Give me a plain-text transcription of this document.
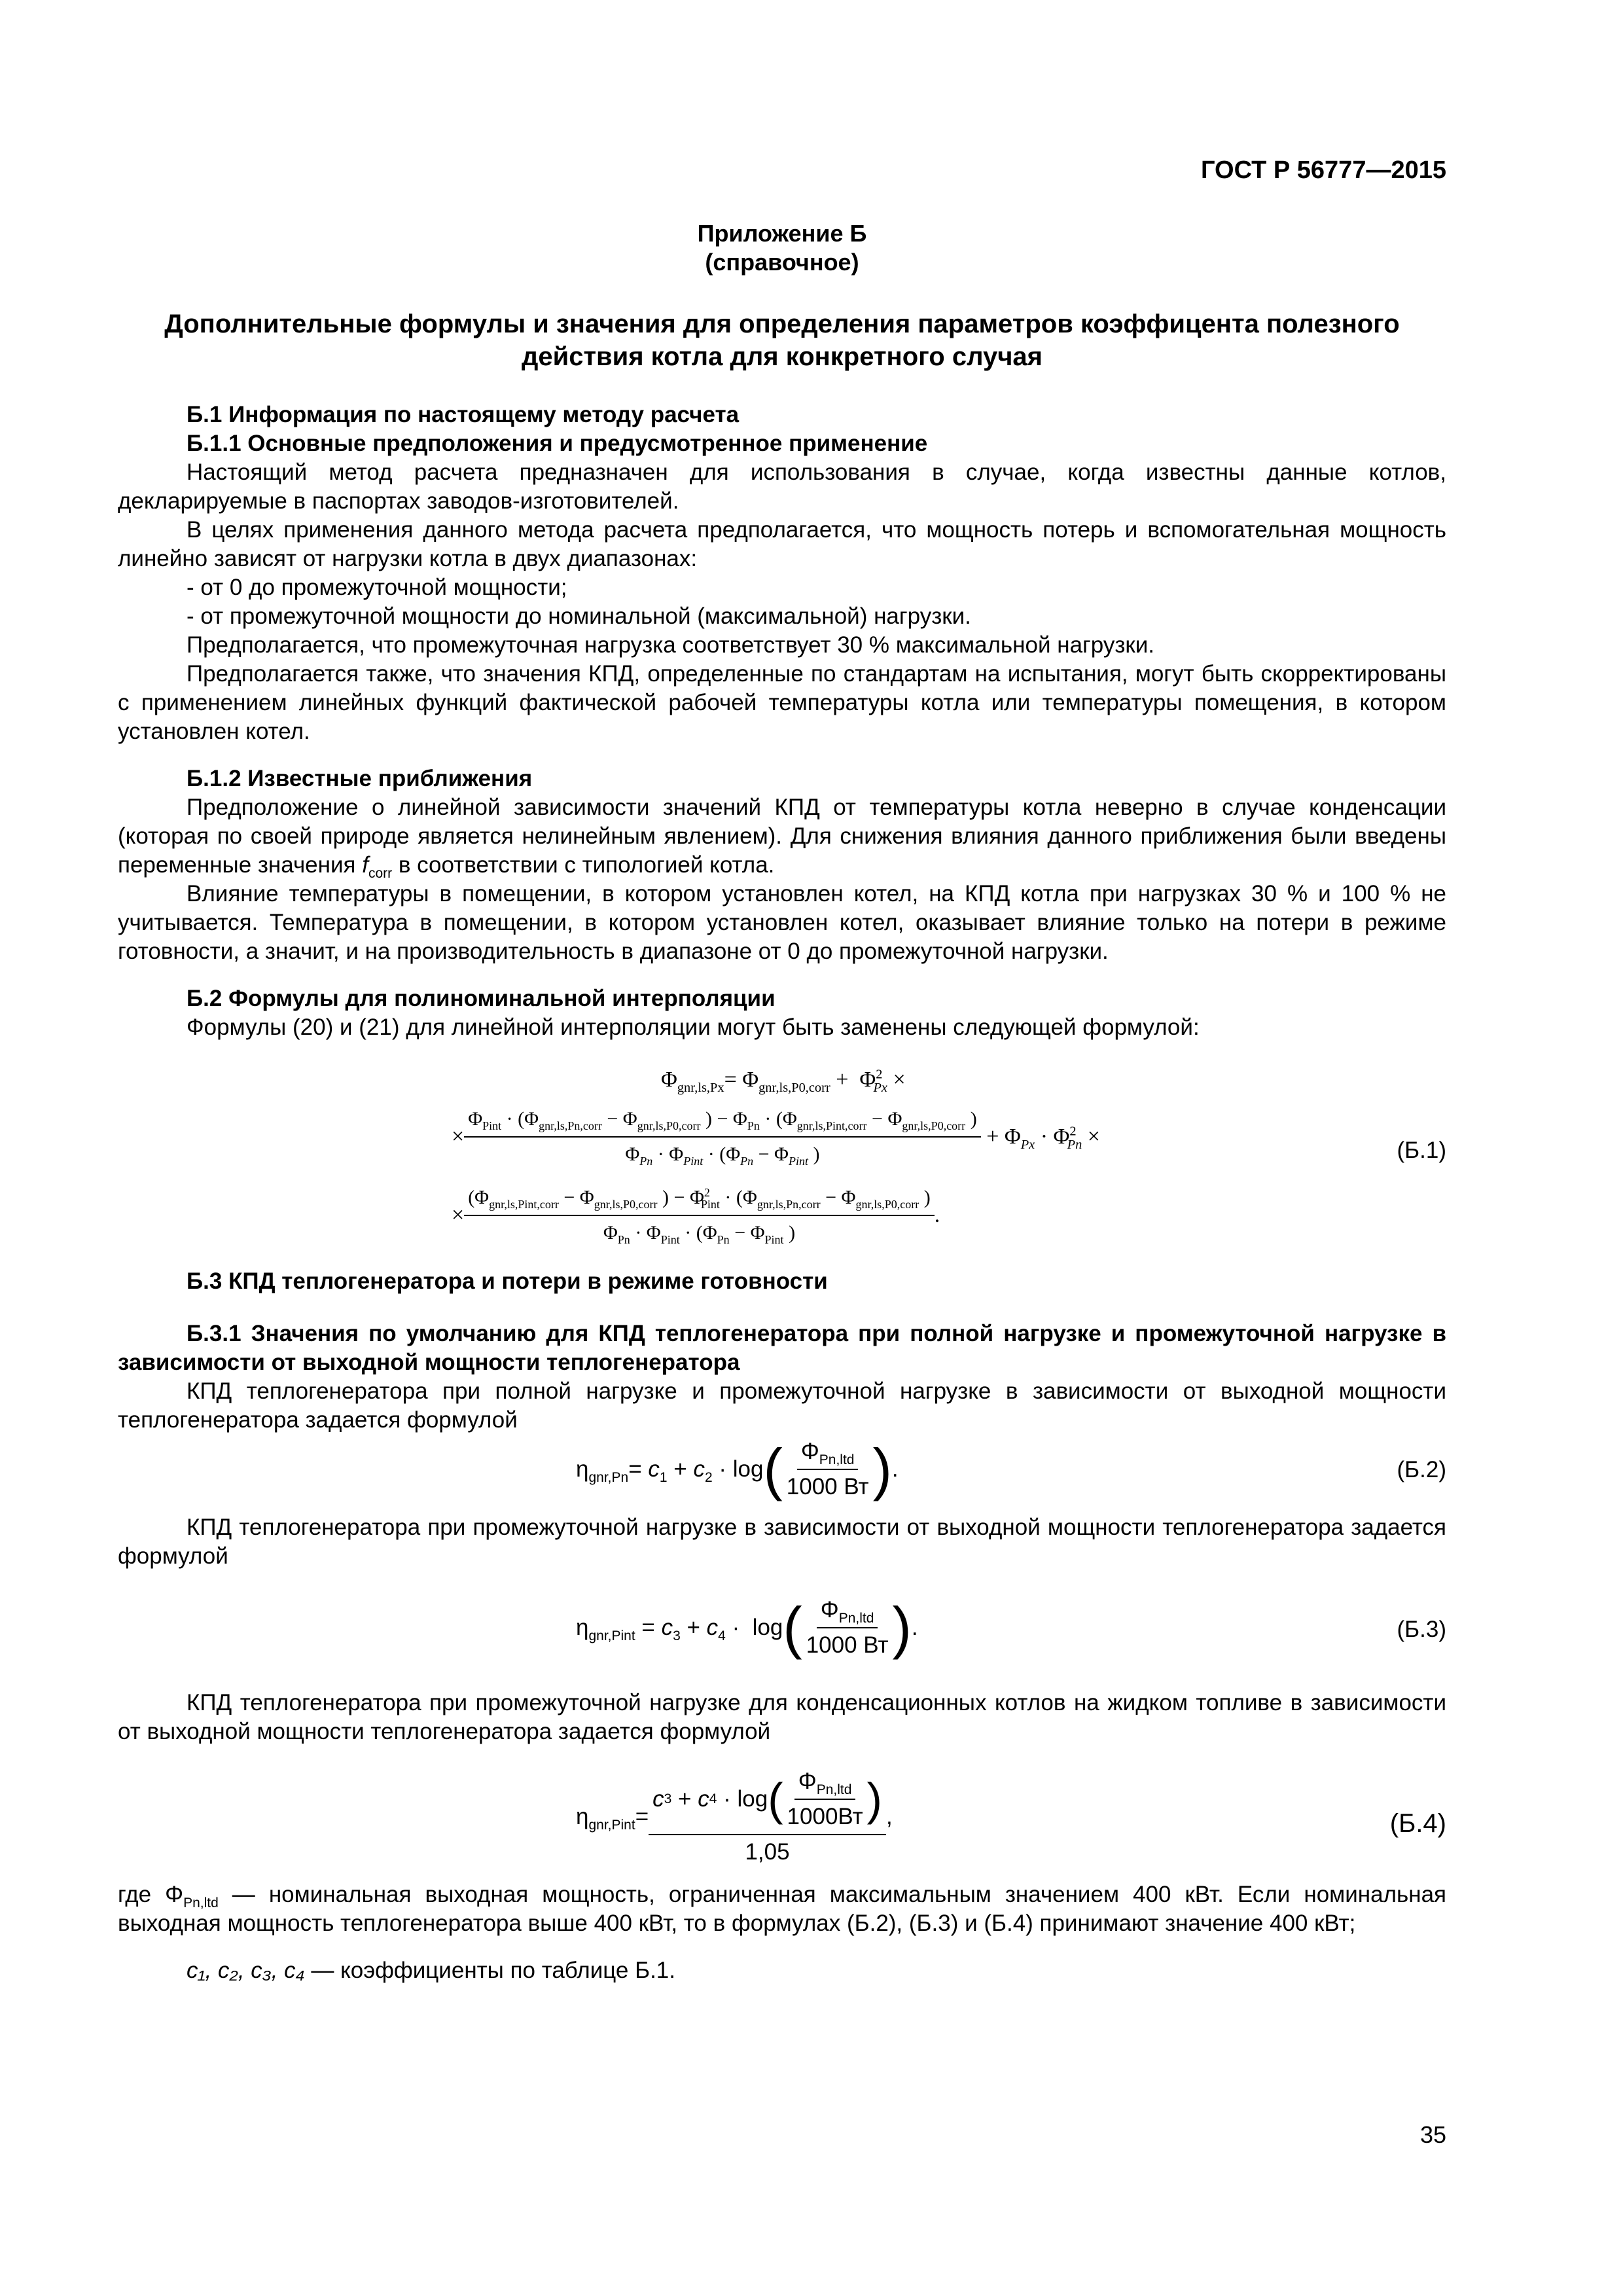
ГОСТ Р 56777—2015
Приложение Б
(справочное)
Дополнительные формулы и значения для определения параметров коэффицента полезного действия котла для конкретного случая

Б.1 Информация по настоящему методу расчета

Б.1.1 Основные предположения и предусмотренное применение

Настоящий метод расчета предназначен для использования в случае, когда известны данные котлов, декларируемые в паспортах заводов-изготовителей.

В целях применения данного метода расчета предполагается, что мощность потерь и вспомогательная мощность линейно зависят от нагрузки котла в двух диапазонах:

- от 0 до промежуточной мощности;

- от промежуточной мощности до номинальной (максимальной) нагрузки.

Предполагается, что промежуточная нагрузка соответствует 30 % максимальной нагрузки.

Предполагается также, что значения КПД, определенные по стандартам на испытания, могут быть скорректированы с применением линейных функций фактической рабочей температуры котла или температуры помещения, в котором установлен котел.

Б.1.2 Известные приближения

Предположение о линейной зависимости значений КПД от температуры котла неверно в случае конденсации (которая по своей природе является нелинейным явлением). Для снижения влияния данного приближения были введены переменные значения $f_{corr}$ в соответствии с типологией котла.

Влияние температуры в помещении, в котором установлен котел, на КПД котла при нагрузках 30 % и 100 % не учитывается. Температура в помещении, в котором установлен котел, оказывает влияние только на потери в режиме готовности, а значит, и на производительность в диапазоне от 0 до промежуточной нагрузки.

Б.2 Формулы для полиноминальной интерполяции

Формулы (20) и (21) для линейной интерполяции могут быть заменены следующей формулой:

$\Phi_{gnr,ls,Px}= \Phi_{gnr,ls,P0,corr} + \Phi^2_{Px}$ ×
×
$\Phi_{Pint} \cdot (\Phi_{gnr,ls,Pn,corr} - \Phi_{gnr,ls,P0,corr}$ ) − $\Phi_{Pn} \cdot (\Phi_{gnr,ls,Pint,corr} - \Phi_{gnr,ls,P0,corr}$ )
$\Phi_{Pn} \cdot \Phi_{Pint} \cdot (\Phi_{Pn} - \Phi_{Pint}$ )
+ $\Phi_{Px} \cdot \Phi^2_{Pn}$ ×
×
($\Phi_{gnr,ls,Pint,corr} - \Phi_{gnr,ls,P0,corr}$ ) − $\Phi^2_{Pint} \cdot (\Phi_{gnr,ls,Pn,corr} - \Phi_{gnr,ls,P0,corr}$ )
$\Phi_{Pn} \cdot \Phi_{Pint} \cdot (\Phi_{Pn} - \Phi_{Pint}$ )
.
(Б.1)

Б.3 КПД теплогенератора и потери в режиме готовности

Б.3.1 Значения по умолчанию для КПД теплогенератора при полной нагрузке и промежуточной нагрузке в зависимости от выходной мощности теплогенератора

КПД теплогенератора при полной нагрузке и промежуточной нагрузке в зависимости от выходной мощности теплогенератора задается формулой

$\eta_{gnr,Pn}= c_1 + c_2 \cdot \log$ ( $\frac{\Phi_{Pn,ltd}}{1000 Вт}$ ) .	(Б.2)

КПД теплогенератора при промежуточной нагрузке в зависимости от выходной мощности теплогенератора задается формулой

$\eta_{gnr,Pint} = c_3 + c_4 \cdot \log$ ( $\frac{\Phi_{Pn,ltd}}{1000 Вт}$ ) .	(Б.3)

КПД теплогенератора при промежуточной нагрузке для конденсационных котлов на жидком топливе в зависимости от выходной мощности теплогенератора задается формулой

$\eta_{gnr,Pint}= \frac{c 3 + c 4 \cdot \log ( \frac{\Phi_{Pn,ltd}}{1000Вт} )}{1,05}$ ,	(Б.4)

где $\Phi_{Pn,ltd}$ — номинальная выходная мощность, ограниченная максимальным значением 400 кВт. Если номинальная выходная мощность теплогенератора выше 400 кВт, то в формулах (Б.2), (Б.3) и (Б.4) принимают значение 400 кВт;

c₁, c₂, c₃, c₄ — коэффициенты по таблице Б.1.

35
